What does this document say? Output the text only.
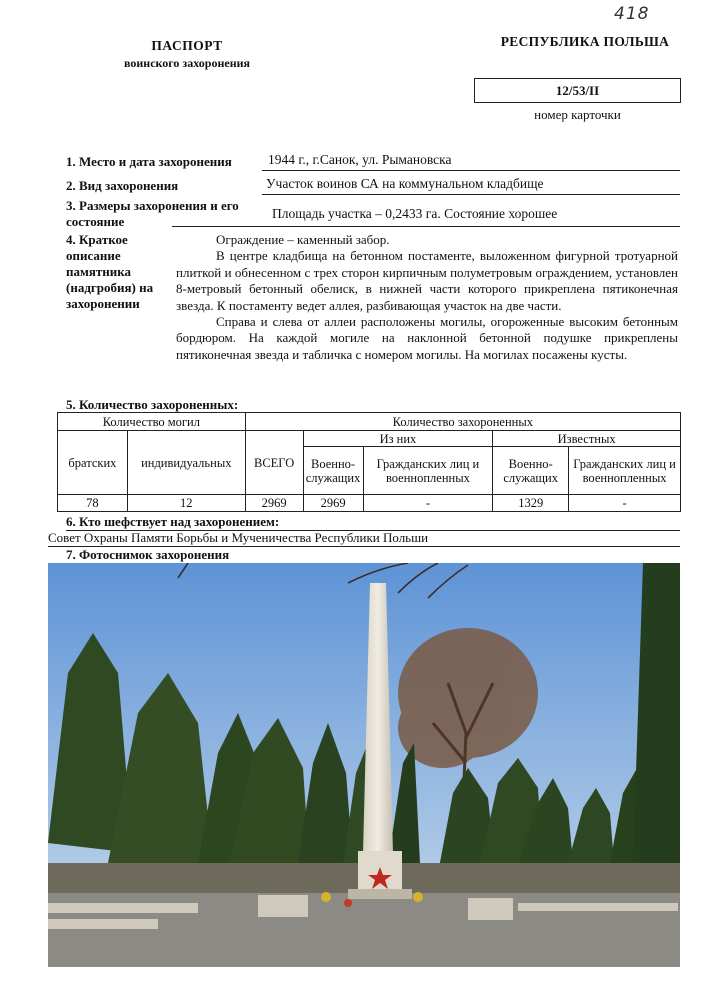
418
ПАСПОРТ
воинского захоронения
РЕСПУБЛИКА ПОЛЬША
12/53/II
номер карточки
1. Место и дата захоронения	1944 г., г.Санок, ул. Рымановска
2. Вид захоронения	Участок воинов СА на коммунальном кладбище
3. Размеры захоронения и его
состояние
Площадь участка – 0,2433 га. Состояние хорошее
4. Краткое
описание
памятника
(надгробия) на
захоронении

Ограждение – каменный забор.

В центре кладбища на бетонном постаменте, выложенном фигурной тротуарной плиткой и обнесенном с трех сторон кирпичным полуметровым ограждением, установлен 8-метровый бетонный обелиск, в нижней части которого прикреплена пятиконечная звезда. К постаменту ведет аллея, разбивающая участок на две части.

Справа и слева от аллеи расположены могилы, огороженные высоким бетонным бордюром. На каждой могиле на наклонной бетонной подушке прикреплены пятиконечная звезда и табличка с номером могилы. На могилах посажены кусты.

5. Количество захороненных:
Количество могил		Количество захороненных				
братских	индивидуальных	ВСЕГО	Из них		Известных	
			Военно-служащих	Гражданских лиц и военнопленных	Военно-служащих	Гражданских лиц и военнопленных
78	12	2969	2969	-	1329	-
6. Кто шефствует над захоронением:
Совет Охраны Памяти Борьбы и Мученичества Республики Польши
7. Фотоснимок захоронения
